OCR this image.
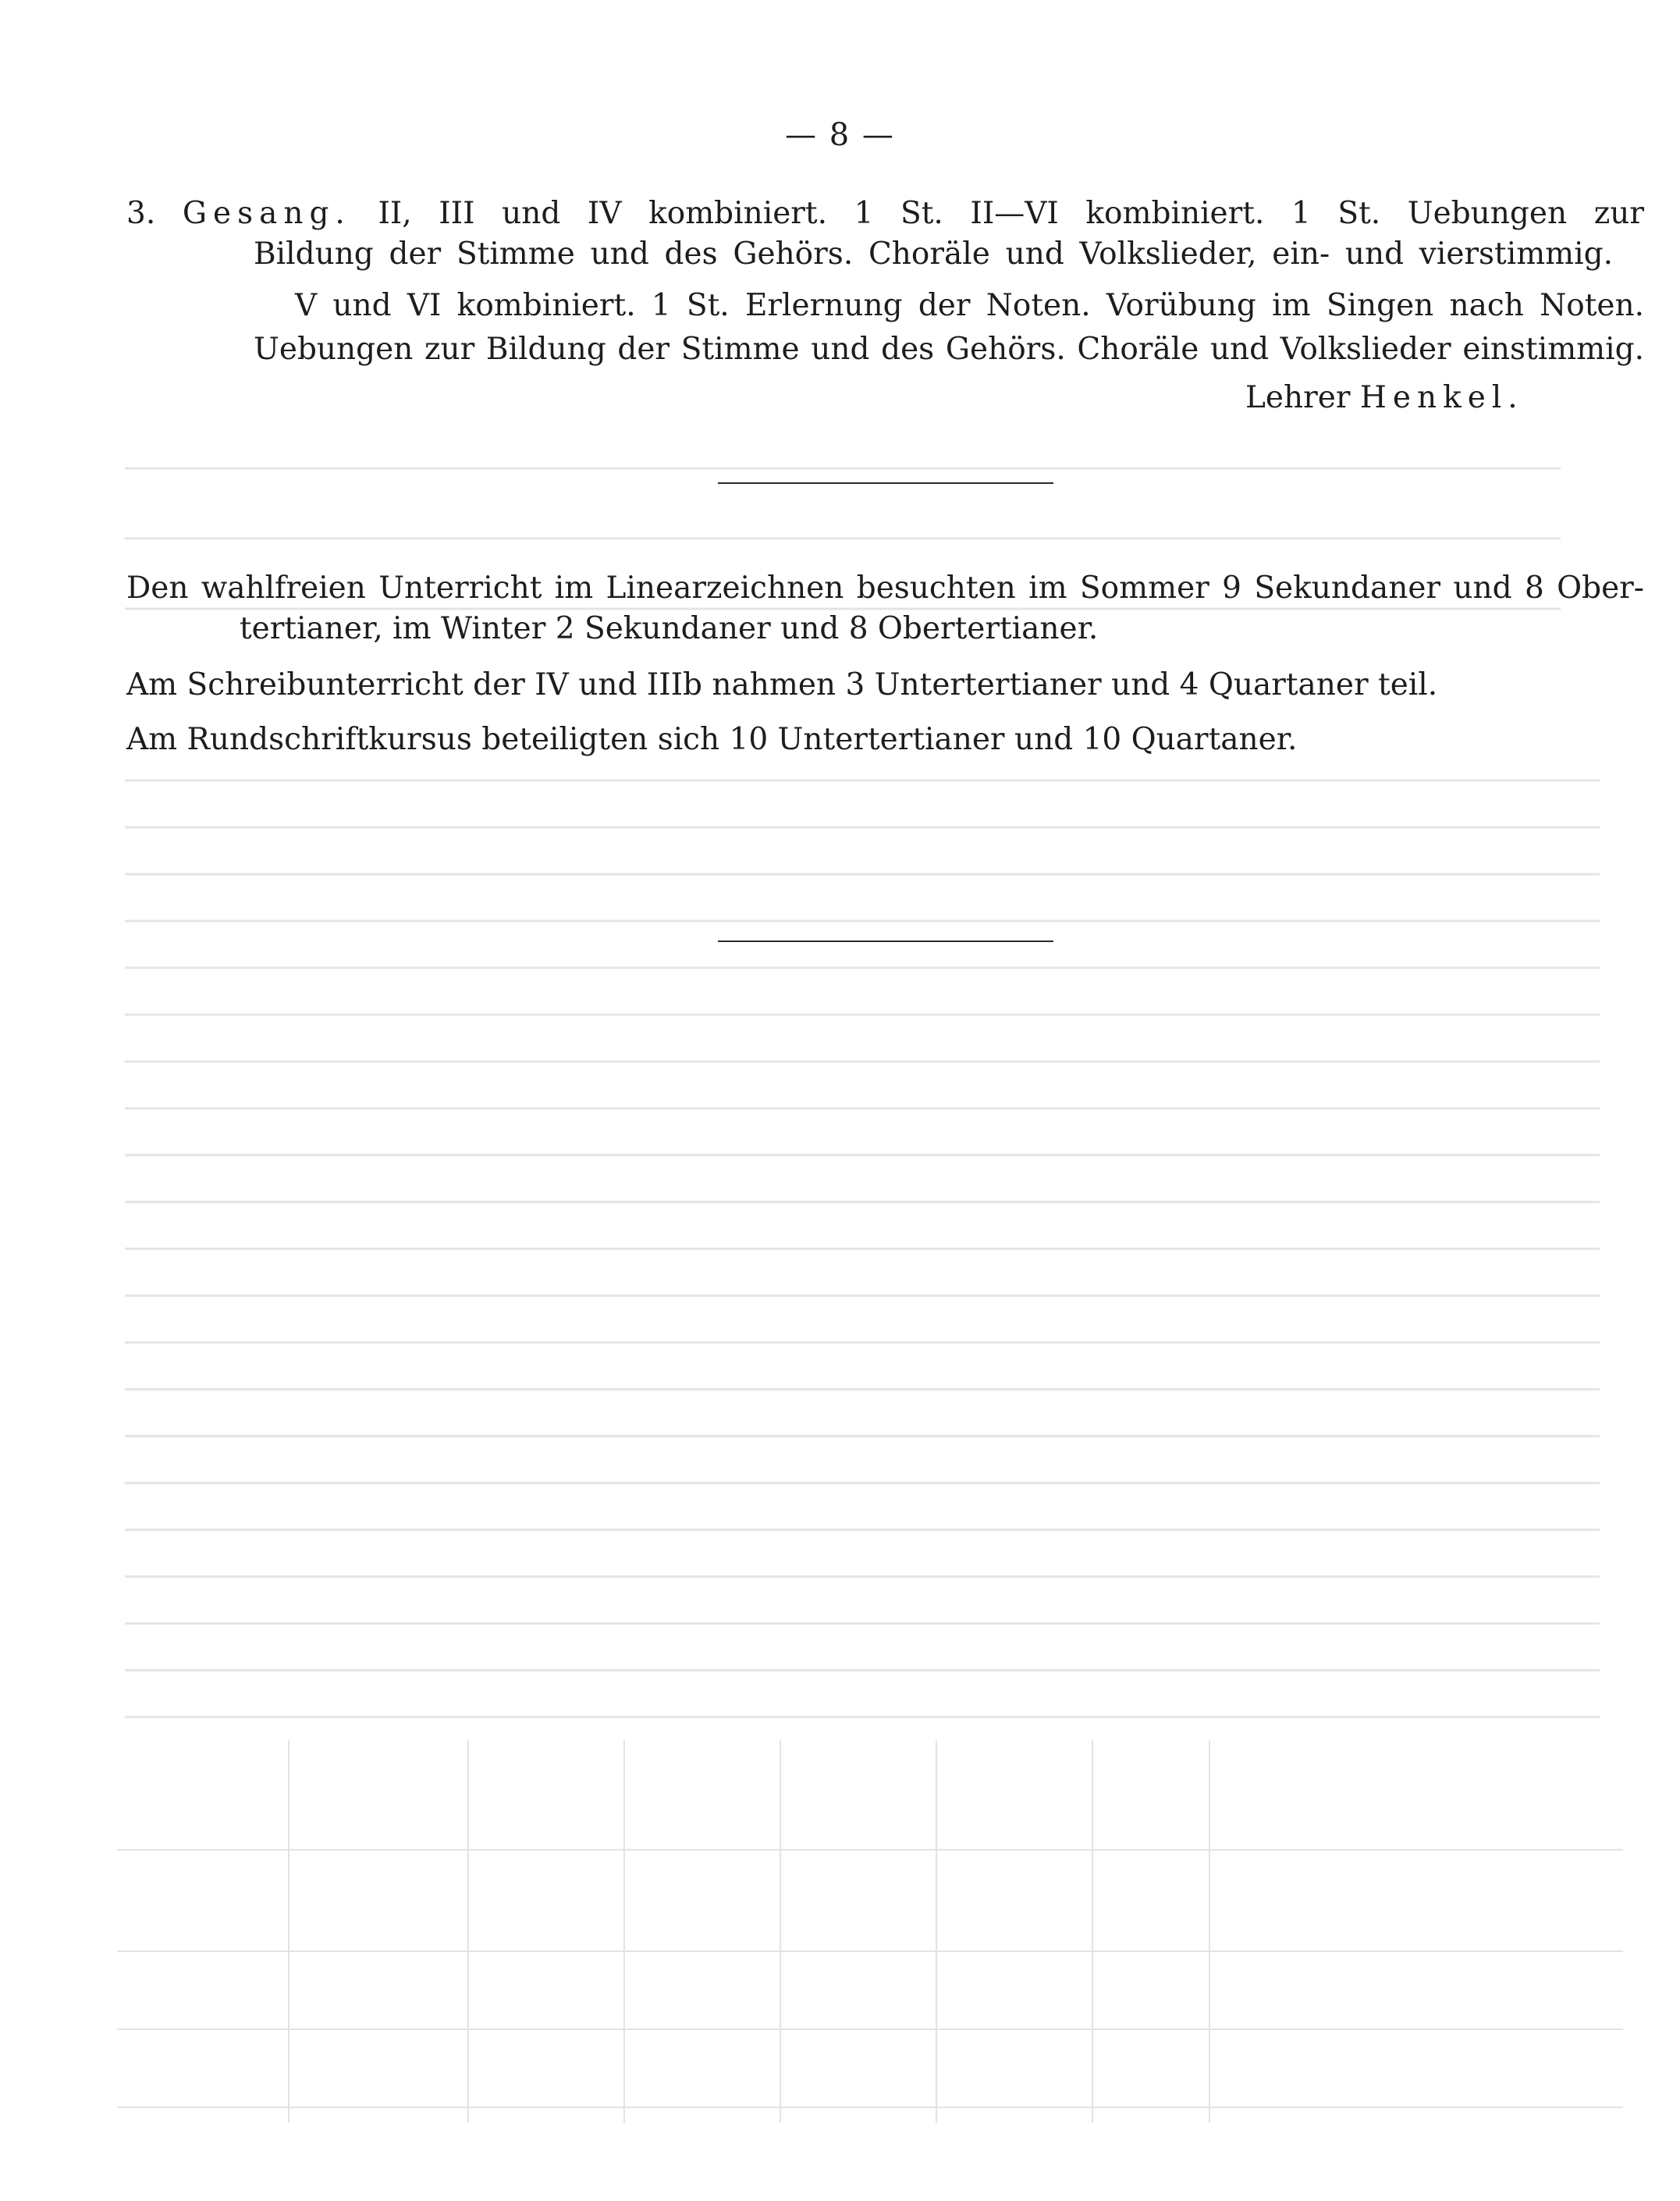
— 8 —
3. Gesang. II, III und IV kombiniert. 1 St. II—VI kombiniert. 1 St. Uebungen zur
Bildung der Stimme und des Gehörs. Choräle und Volkslieder, ein- und vierstimmig.
V und VI kombiniert. 1 St. Erlernung der Noten. Vorübung im Singen nach Noten.
Uebungen zur Bildung der Stimme und des Gehörs. Choräle und Volkslieder einstimmig.
Lehrer Henkel.
Den wahlfreien Unterricht im Linearzeichnen besuchten im Sommer 9 Sekundaner und 8 Ober-
tertianer, im Winter 2 Sekundaner und 8 Obertertianer.
Am Schreibunterricht der IV und IIIb nahmen 3 Untertertianer und 4 Quartaner teil.
Am Rundschriftkursus beteiligten sich 10 Untertertianer und 10 Quartaner.
